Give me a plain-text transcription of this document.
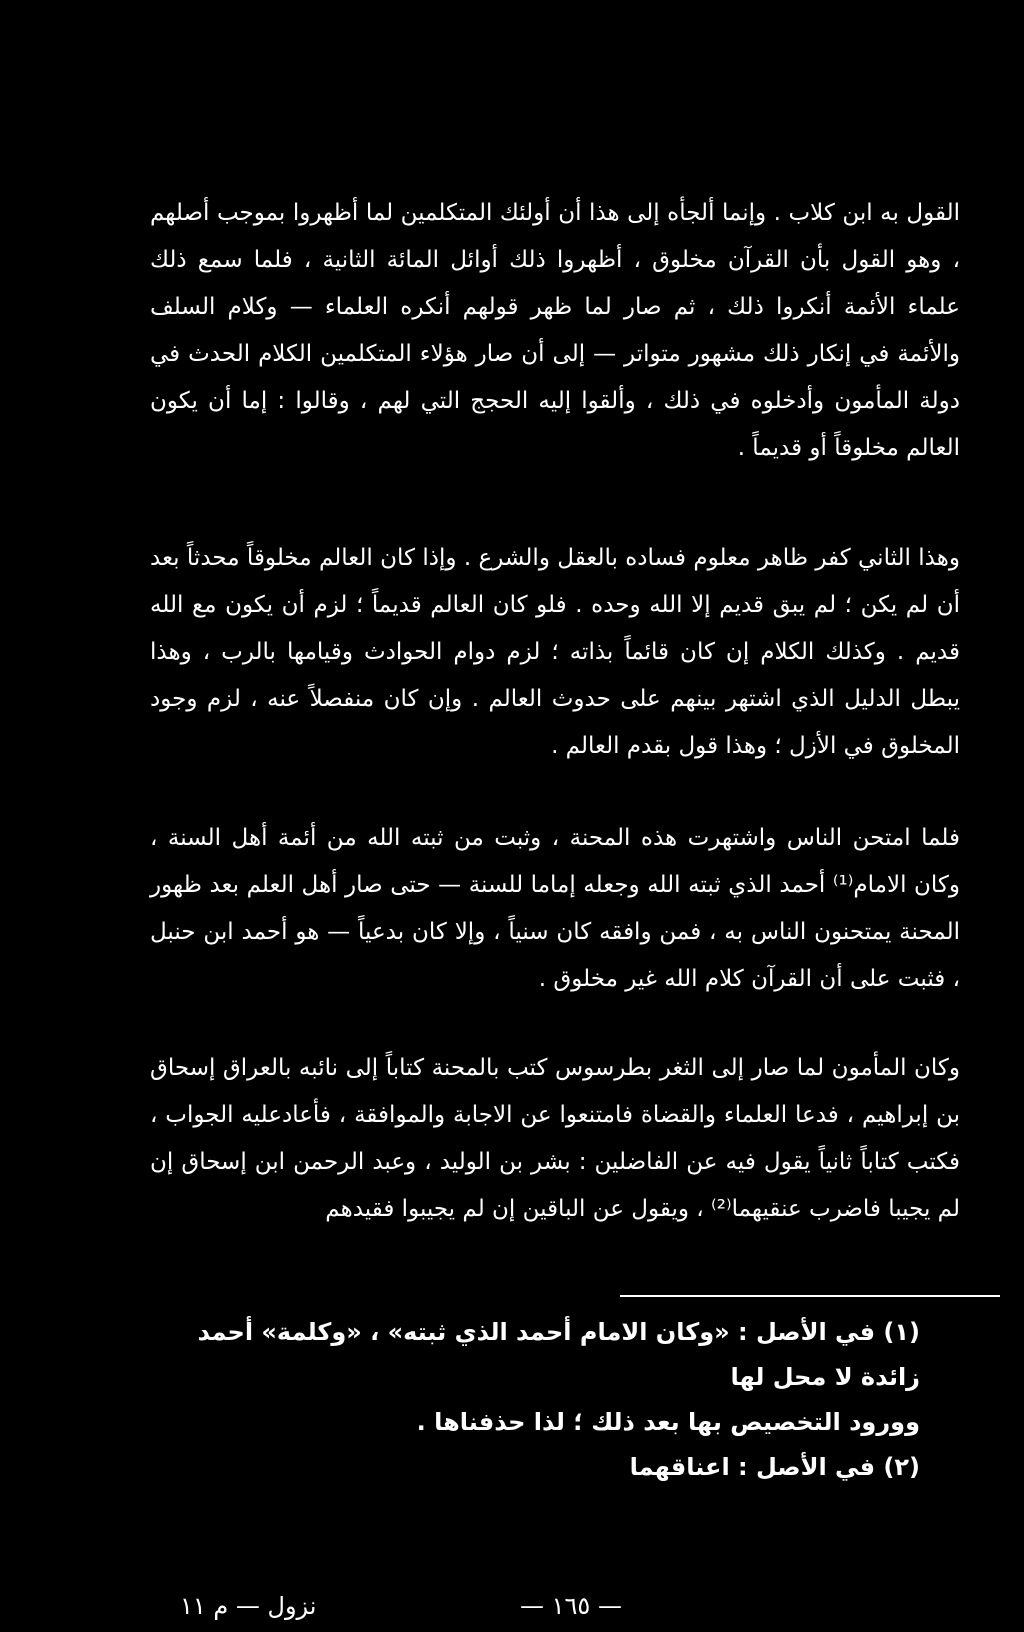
القول به ابن كلاب . وإنما ألجأه إلى هذا أن أولئك المتكلمين لما أظهروا بموجب أصلهم ، وهو القول بأن القرآن مخلوق ، أظهروا ذلك أوائل المائة الثانية ، فلما سمع ذلك علماء الأئمة أنكروا ذلك ، ثم صار لما ظهر قولهم أنكره العلماء — وكلام السلف والأئمة في إنكار ذلك مشهور متواتر — إلى أن صار هؤلاء المتكلمين الكلام الحدث في دولة المأمون وأدخلوه في ذلك ، وألقوا إليه الحجج التي لهم ، وقالوا : إما أن يكون العالم مخلوقاً أو قديماً .
وهذا الثاني كفر ظاهر معلوم فساده بالعقل والشرع . وإذا كان العالم مخلوقاً محدثاً بعد أن لم يكن ؛ لم يبق قديم إلا الله وحده . فلو كان العالم قديماً ؛ لزم أن يكون مع الله قديم . وكذلك الكلام إن كان قائماً بذاته ؛ لزم دوام الحوادث وقيامها بالرب ، وهذا يبطل الدليل الذي اشتهر بينهم على حدوث العالم . وإن كان منفصلاً عنه ، لزم وجود المخلوق في الأزل ؛ وهذا قول بقدم العالم .
فلما امتحن الناس واشتهرت هذه المحنة ، وثبت من ثبته الله من أئمة أهل السنة ، وكان الامام⁽¹⁾ أحمد الذي ثبته الله وجعله إماما للسنة — حتى صار أهل العلم بعد ظهور المحنة يمتحنون الناس به ، فمن وافقه كان سنياً ، وإلا كان بدعياً — هو أحمد ابن حنبل ، فثبت على أن القرآن كلام الله غير مخلوق .
وكان المأمون لما صار إلى الثغر بطرسوس كتب بالمحنة كتاباً إلى نائبه بالعراق إسحاق بن إبراهيم ، فدعا العلماء والقضاة فامتنعوا عن الاجابة والموافقة ، فأعادعليه الجواب ، فكتب كتاباً ثانياً يقول فيه عن الفاضلين : بشر بن الوليد ، وعبد الرحمن ابن إسحاق إن لم يجيبا فاضرب عنقيهما⁽²⁾ ، ويقول عن الباقين إن لم يجيبوا فقيدهم
(١) في الأصل : «وكان الامام أحمد الذي ثبته» ، «وكلمة» أحمد زائدة لا محل لها
وورود التخصيص بها بعد ذلك ؛ لذا حذفناها .
(٢) في الأصل : اعناقهما
— ١٦٥ —
نزول — م ١١
